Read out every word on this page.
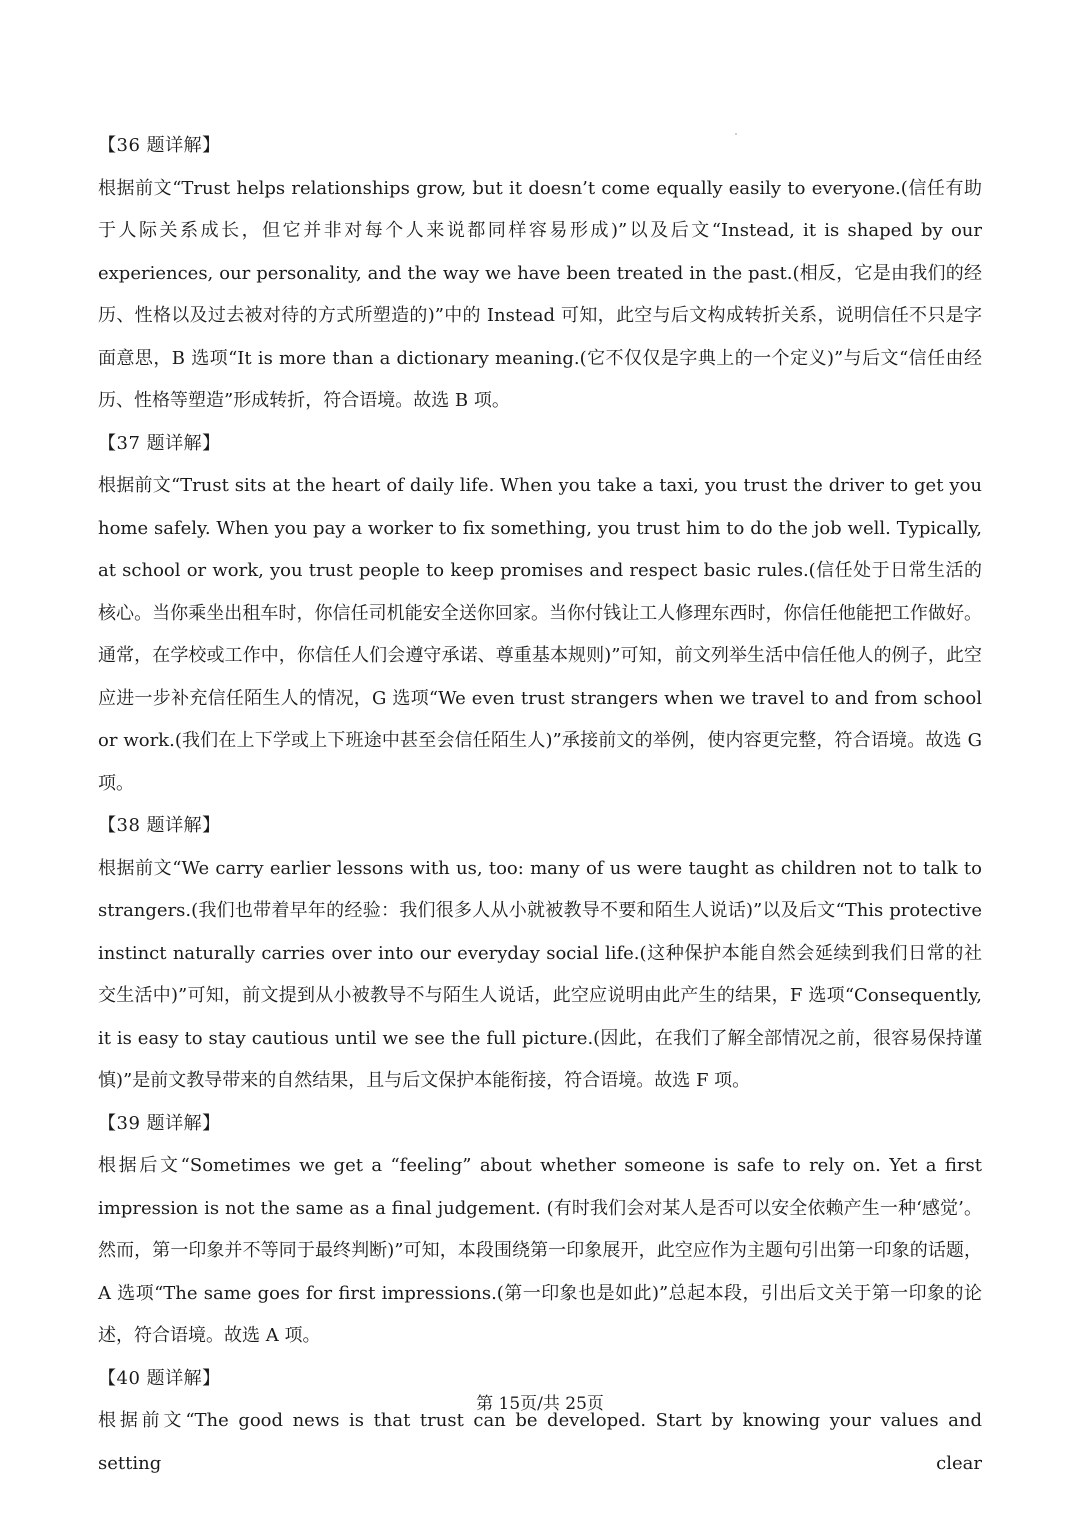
【36 题详解】

根据前文“Trust helps relationships grow, but it doesn’t come equally easily to everyone.(信任有助于人际关系成长，但它并非对每个人来说都同样容易形成)”以及后文“Instead, it is shaped by our experiences, our personality, and the way we have been treated in the past.(相反，它是由我们的经历、性格以及过去被对待的方式所塑造的)”中的 Instead 可知，此空与后文构成转折关系，说明信任不只是字面意思，B 选项“It is more than a dictionary meaning.(它不仅仅是字典上的一个定义)”与后文“信任由经历、性格等塑造”形成转折，符合语境。故选 B 项。

【37 题详解】

根据前文“Trust sits at the heart of daily life. When you take a taxi, you trust the driver to get you home safely. When you pay a worker to fix something, you trust him to do the job well. Typically, at school or work, you trust people to keep promises and respect basic rules.(信任处于日常生活的核心。当你乘坐出租车时，你信任司机能安全送你回家。当你付钱让工人修理东西时，你信任他能把工作做好。通常，在学校或工作中，你信任人们会遵守承诺、尊重基本规则)”可知，前文列举生活中信任他人的例子，此空应进一步补充信任陌生人的情况，G 选项“We even trust strangers when we travel to and from school or work.(我们在上下学或上下班途中甚至会信任陌生人)”承接前文的举例，使内容更完整，符合语境。故选 G 项。

【38 题详解】

根据前文“We carry earlier lessons with us, too: many of us were taught as children not to talk to strangers.(我们也带着早年的经验：我们很多人从小就被教导不要和陌生人说话)”以及后文“This protective instinct naturally carries over into our everyday social life.(这种保护本能自然会延续到我们日常的社交生活中)”可知，前文提到从小被教导不与陌生人说话，此空应说明由此产生的结果，F 选项“Consequently, it is easy to stay cautious until we see the full picture.(因此，在我们了解全部情况之前，很容易保持谨慎)”是前文教导带来的自然结果，且与后文保护本能衔接，符合语境。故选 F 项。

【39 题详解】

根据后文“Sometimes we get a “feeling” about whether someone is safe to rely on. Yet a first impression is not the same as a final judgement. (有时我们会对某人是否可以安全依赖产生一种‘感觉’。然而，第一印象并不等同于最终判断)”可知，本段围绕第一印象展开，此空应作为主题句引出第一印象的话题，A 选项“The same goes for first impressions.(第一印象也是如此)”总起本段，引出后文关于第一印象的论述，符合语境。故选 A 项。

【40 题详解】

根据前文“The good news is that trust can be developed. Start by knowing your values and setting clear

第 15页/共 25页
